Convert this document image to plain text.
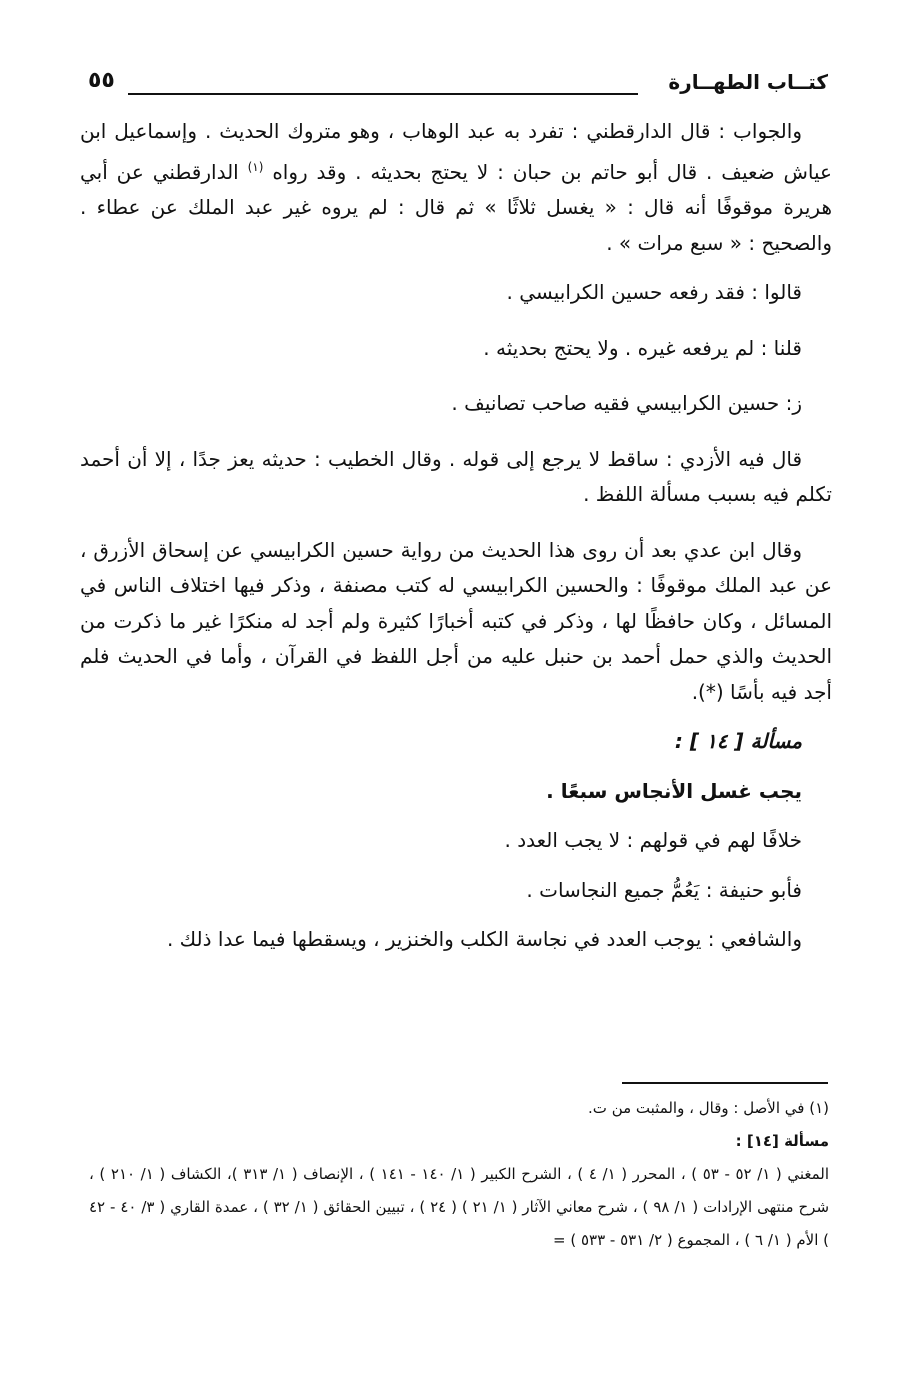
كتــاب الطهــارة
٥٥

والجواب : قال الدارقطني : تفرد به عبد الوهاب ، وهو متروك الحديث . وإسماعيل ابن عياش ضعيف . قال أبو حاتم بن حبان : لا يحتج بحديثه . وقد رواه $^{(١)}$ الدارقطني عن أبي هريرة موقوفًا أنه قال : « يغسل ثلاثًا » ثم قال : لم يروه غير عبد الملك عن عطاء . والصحيح : « سبع مرات » .

قالوا : فقد رفعه حسين الكرابيسي .

قلنا : لم يرفعه غيره . ولا يحتج بحديثه .

ز: حسين الكرابيسي فقيه صاحب تصانيف .

قال فيه الأزدي : ساقط لا يرجع إلى قوله . وقال الخطيب : حديثه يعز جدًا ، إلا أن أحمد تكلم فيه بسبب مسألة اللفظ .

وقال ابن عدي بعد أن روى هذا الحديث من رواية حسين الكرابيسي عن إسحاق الأزرق ، عن عبد الملك موقوفًا : والحسين الكرابيسي له كتب مصنفة ، وذكر فيها اختلاف الناس في المسائل ، وكان حافظًا لها ، وذكر في كتبه أخبارًا كثيرة ولم أجد له منكرًا غير ما ذكرت من الحديث والذي حمل أحمد بن حنبل عليه من أجل اللفظ في القرآن ، وأما في الحديث فلم أجد فيه بأسًا (*).

مسألة [ ١٤ ] :

يجب غسل الأنجاس سبعًا .

خلافًا لهم في قولهم : لا يجب العدد .

فأبو حنيفة : يَعُمُّ جميع النجاسات .

والشافعي : يوجب العدد في نجاسة الكلب والخنزير ، ويسقطها فيما عدا ذلك .

(١) في الأصل : وقال ، والمثبت من ت.

مسألة [١٤] :

المغني ( ١/ ٥٢ - ٥٣ ) ، المحرر ( ١/ ٤ ) ، الشرح الكبير ( ١/ ١٤٠ - ١٤١ ) ، الإنصاف ( ١/ ٣١٣ )، الكشاف ( ١/ ٢١٠ ) ، شرح منتهى الإرادات ( ١/ ٩٨ ) ، شرح معاني الآثار ( ١/ ٢١ ) ( ٢٤ ) ، تبيين الحقائق ( ١/ ٣٢ ) ، عمدة القاري ( ٣/ ٤٠ - ٤٢ ) الأم ( ١/ ٦ ) ، المجموع ( ٢/ ٥٣١ - ٥٣٣ ) =
